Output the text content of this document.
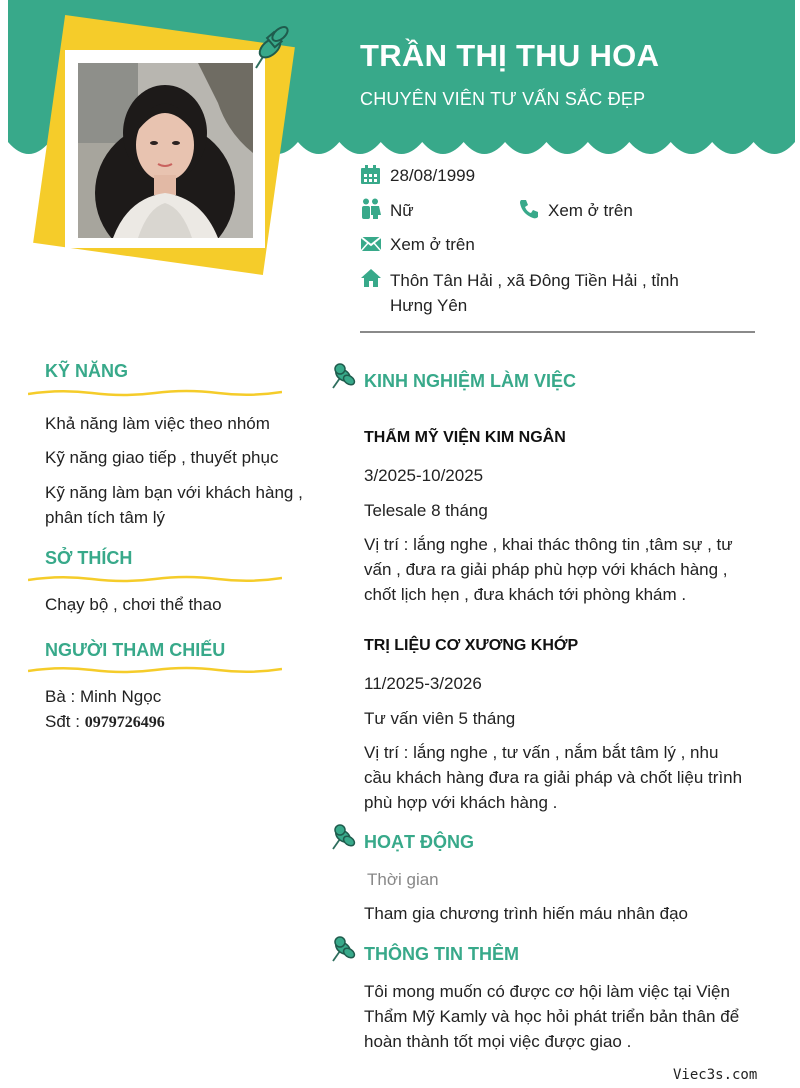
TRẦN THỊ THU HOA
CHUYÊN VIÊN TƯ VẤN SẮC ĐẸP
28/08/1999
Nữ	Xem ở trên
Xem ở trên
Thôn Tân Hải , xã Đông Tiền Hải , tỉnh Hưng Yên
KỸ NĂNG
Khả năng làm việc theo nhóm
Kỹ năng giao tiếp , thuyết phục
Kỹ năng làm bạn với khách hàng , phân tích tâm lý
SỞ THÍCH
Chạy bộ , chơi thể thao
NGƯỜI THAM CHIẾU
Bà : Minh Ngọc
Sđt : 0979726496
KINH NGHIỆM LÀM VIỆC
THẨM MỸ VIỆN KIM NGÂN
3/2025-10/2025
Telesale 8 tháng
Vị trí : lắng nghe , khai thác thông tin ,tâm sự , tư vấn , đưa ra giải pháp phù hợp với khách hàng , chốt lịch hẹn , đưa khách tới phòng khám .
TRỊ LIỆU CƠ XƯƠNG KHỚP
11/2025-3/2026
Tư vấn viên 5 tháng
Vị trí : lắng nghe , tư vấn , nắm bắt tâm lý , nhu cầu khách hàng đưa ra giải pháp và chốt liệu trình phù hợp với khách hàng .
HOẠT ĐỘNG
Thời gian
Tham gia chương trình hiến máu nhân đạo
THÔNG TIN THÊM
Tôi mong muốn có được cơ hội làm việc tại Viện Thẩm Mỹ Kamly và học hỏi phát triển bản thân để hoàn thành tốt mọi việc được giao .
Viec3s.com
